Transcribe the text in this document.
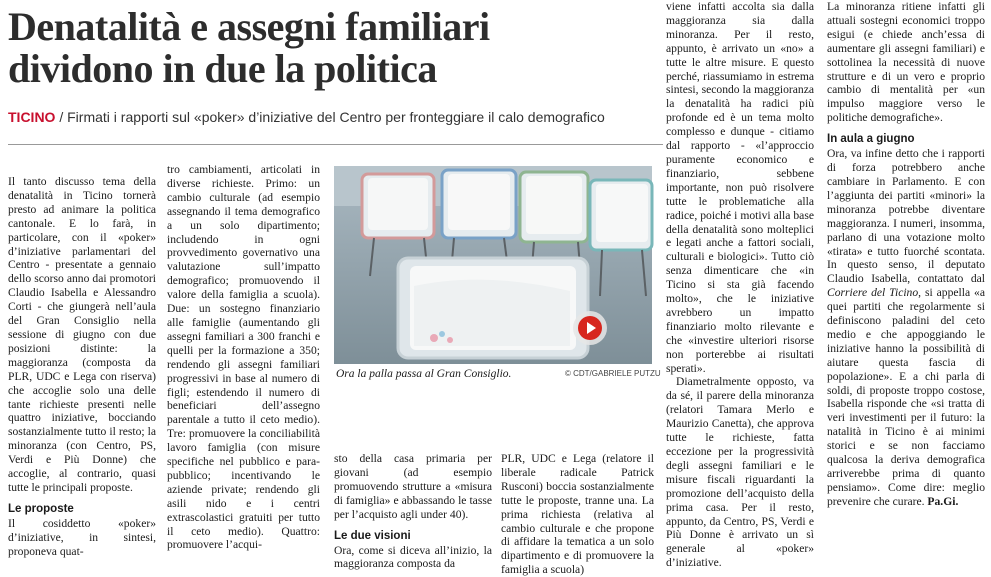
Denatalità e assegni familiari
dividono in due la politica
TICINO / Firmati i rapporti sul «poker» d’iniziative del Centro per fronteggiare il calo demografico

Il tanto discusso tema della denatalità in Ticino tornerà presto ad animare la politica cantonale. E lo farà, in particolare, con il «poker» d’iniziative parlamentari del Centro - presentate a gennaio dello scorso anno dai promotori Claudio Isabella e Alessandro Corti - che giungerà nell’aula del Gran Consiglio nella sessione di giugno con due posizioni distinte: la maggioranza (composta da PLR, UDC e Lega con riserva) che accoglie solo una delle tante richieste presenti nelle quattro iniziative, bocciando sostanzialmente tutto il resto; la minoranza (con Centro, PS, Verdi e Più Donne) che accoglie, al contrario, quasi tutte le principali proposte.

Le proposte

Il cosiddetto «poker» d’iniziative, in sintesi, proponeva quat-

tro cambiamenti, articolati in diverse richieste. Primo: un cambio culturale (ad esempio assegnando il tema demografico a un solo dipartimento; includendo in ogni provvedimento governativo una valutazione sull’impatto demografico; promuovendo il valore della famiglia a scuola). Due: un sostegno finanziario alle famiglie (aumentando gli assegni familiari a 300 franchi e quelli per la formazione a 350; rendendo gli assegni familiari progressivi in base al numero di figli; estendendo il numero di beneficiari dell’assegno parentale a tutto il ceto medio). Tre: promuovere la conciliabilità lavoro famiglia (con misure specifiche nel pubblico e para-pubblico; incentivando le aziende private; rendendo gli asili nido e i centri extrascolastici gratuiti per tutto il ceto medio). Quattro: promuovere l’acqui-

Ora la palla passa al Gran Consiglio.	© CDT/GABRIELE PUTZU

sto della casa primaria per giovani (ad esempio promuovendo strutture a «misura di famiglia» e abbassando le tasse per l’acquisto agli under 40).

Le due visioni

Ora, come si diceva all’inizio, la maggioranza composta da

PLR, UDC e Lega (relatore il liberale radicale Patrick Rusconi) boccia sostanzialmente tutte le proposte, tranne una. La prima richiesta (relativa al cambio culturale e che propone di affidare la tematica a un solo dipartimento e di promuovere la famiglia a scuola)

viene infatti accolta sia dalla maggioranza sia dalla minoranza. Per il resto, appunto, è arrivato un «no» a tutte le altre misure. E questo perché, riassumiamo in estrema sintesi, secondo la maggioranza la denatalità ha radici più profonde ed è un tema molto complesso e dunque - citiamo dal rapporto - «l’approccio puramente economico e finanziario, sebbene importante, non può risolvere tutte le problematiche alla radice, poiché i motivi alla base della denatalità sono molteplici e legati anche a fattori sociali, culturali e biologici». Tutto ciò senza dimenticare che «in Ticino si sta già facendo molto», che le iniziative avrebbero un impatto finanziario molto rilevante e che «investire ulteriori risorse non porterebbe ai risultati sperati».

Diametralmente opposto, va da sé, il parere della minoranza (relatori Tamara Merlo e Maurizio Canetta), che approva tutte le richieste, fatta eccezione per la progressività degli assegni familiari e le misure fiscali riguardanti la promozione dell’acquisto della prima casa. Per il resto, appunto, da Centro, PS, Verdi e Più Donne è arrivato un sì generale al «poker» d’iniziative.

La minoranza ritiene infatti gli attuali sostegni economici troppo esigui (e chiede anch’essa di aumentare gli assegni familiari) e sottolinea la necessità di nuove strutture e di un vero e proprio cambio di mentalità per «un impulso maggiore verso le politiche demografiche».

In aula a giugno

Ora, va infine detto che i rapporti di forza potrebbero anche cambiare in Parlamento. E con l’aggiunta dei partiti «minori» la minoranza potrebbe diventare maggioranza. I numeri, insomma, parlano di una votazione molto «tirata» e tutto fuorché scontata. In questo senso, il deputato Claudio Isabella, contattato dal Corriere del Ticino, si appella «a quei partiti che regolarmente si definiscono paladini del ceto medio e che appoggiando le iniziative hanno la possibilità di aiutare questa fascia di popolazione». E a chi parla di soldi, di proposte troppo costose, Isabella risponde che «si tratta di veri investimenti per il futuro: la natalità in Ticino è ai minimi storici e se non facciamo qualcosa la deriva demografica arriverebbe prima di quanto pensiamo». Come dire: meglio prevenire che curare. Pa.Gi.
